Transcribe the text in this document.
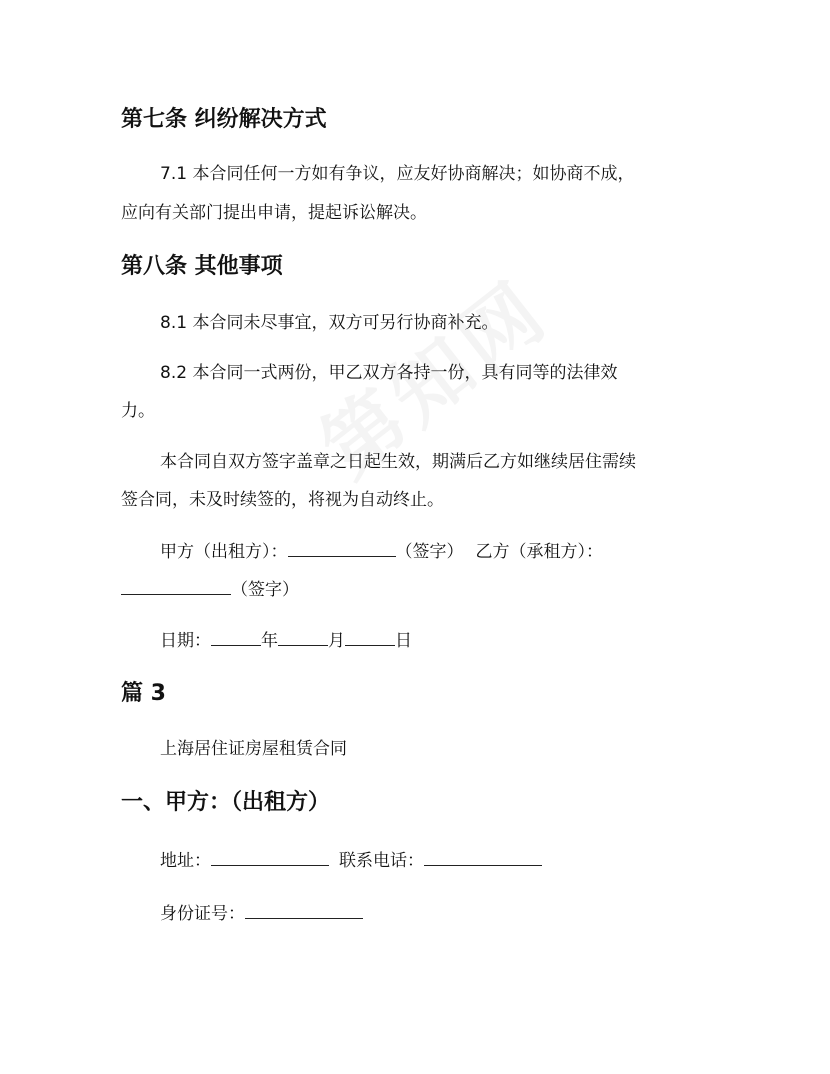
第七条 纠纷解决方式

7.1 本合同任何一方如有争议，应友好协商解决；如协商不成，

应向有关部门提出申请，提起诉讼解决。

第八条 其他事项

8.1 本合同未尽事宜，双方可另行协商补充。

8.2 本合同一式两份，甲乙双方各持一份，具有同等的法律效

力。

本合同自双方签字盖章之日起生效，期满后乙方如继续居住需续

签合同，未及时续签的，将视为自动终止。

甲方（出租方）：	（签字） 乙方（承租方）：

（签字）

日期：	年	月	日

篇 3

上海居住证房屋租赁合同

一、甲方：（出租方）

地址：	联系电话：

身份证号：
